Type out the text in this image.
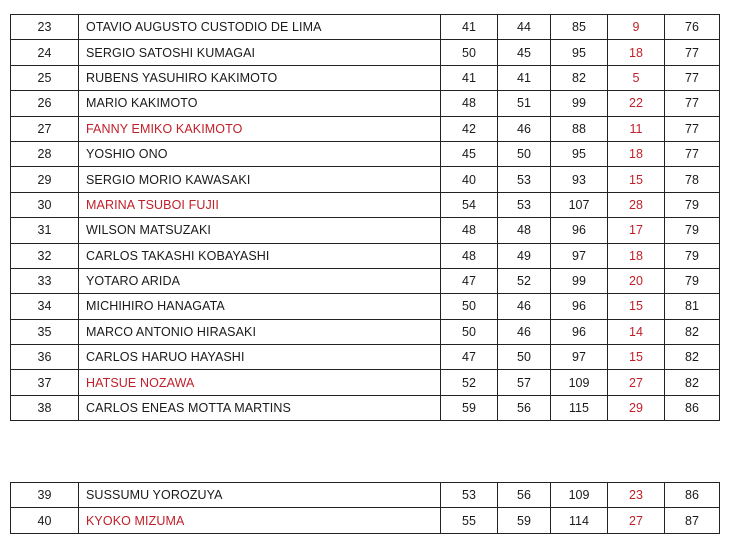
23	OTAVIO AUGUSTO CUSTODIO DE LIMA	41	44	85	9	76
24	SERGIO SATOSHI KUMAGAI	50	45	95	18	77
25	RUBENS YASUHIRO KAKIMOTO	41	41	82	5	77
26	MARIO KAKIMOTO	48	51	99	22	77
27	FANNY EMIKO KAKIMOTO	42	46	88	11	77
28	YOSHIO ONO	45	50	95	18	77
29	SERGIO MORIO KAWASAKI	40	53	93	15	78
30	MARINA TSUBOI FUJII	54	53	107	28	79
31	WILSON MATSUZAKI	48	48	96	17	79
32	CARLOS TAKASHI KOBAYASHI	48	49	97	18	79
33	YOTARO ARIDA	47	52	99	20	79
34	MICHIHIRO HANAGATA	50	46	96	15	81
35	MARCO ANTONIO HIRASAKI	50	46	96	14	82
36	CARLOS HARUO HAYASHI	47	50	97	15	82
37	HATSUE NOZAWA	52	57	109	27	82
38	CARLOS ENEAS MOTTA MARTINS	59	56	115	29	86
39	SUSSUMU YOROZUYA	53	56	109	23	86
40	KYOKO MIZUMA	55	59	114	27	87
